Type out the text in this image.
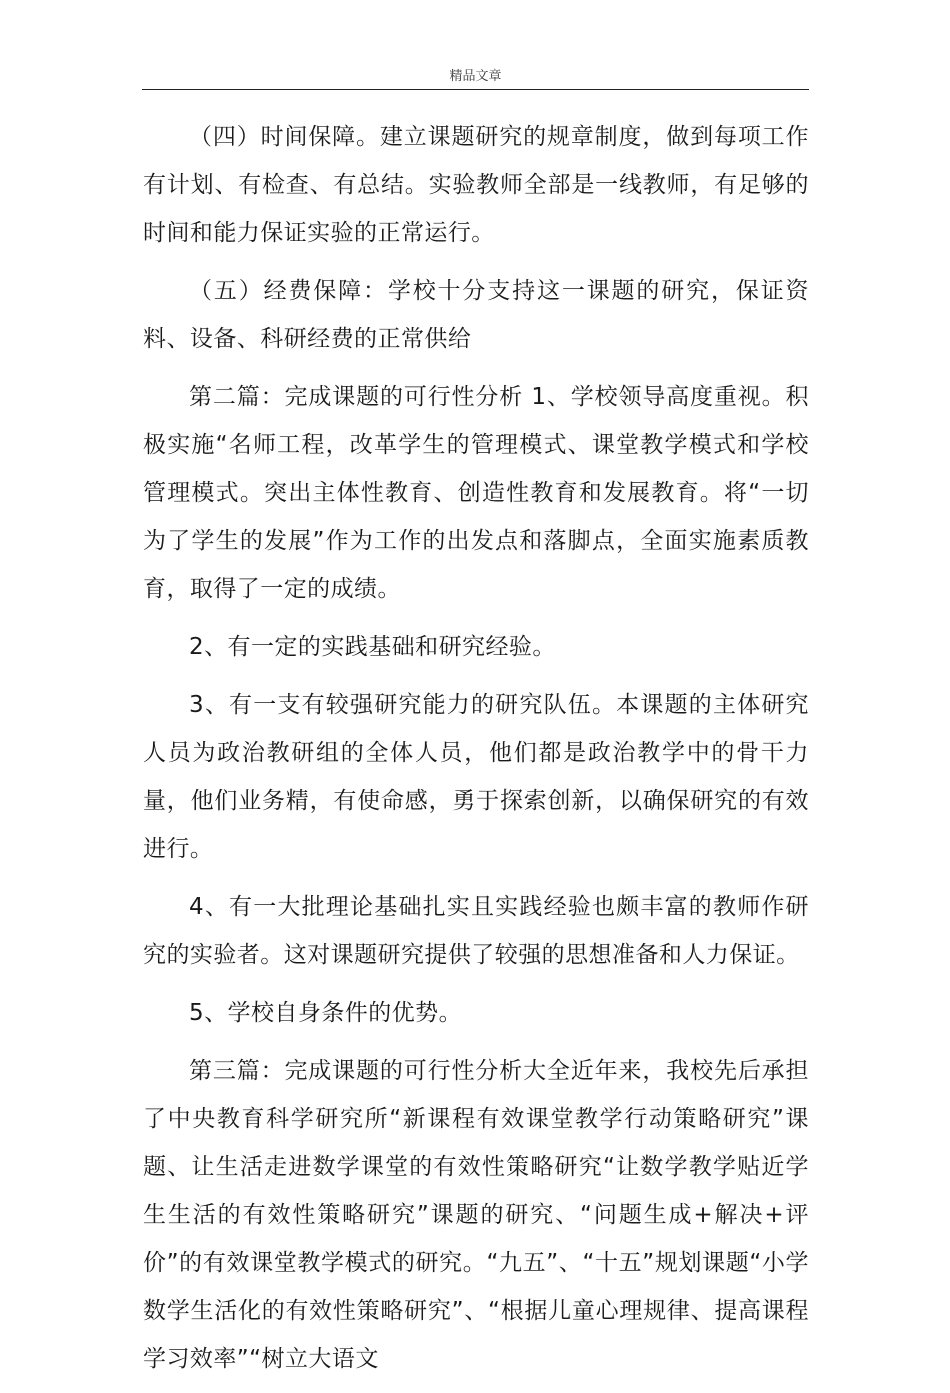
精品文章

（四）时间保障。建立课题研究的规章制度，做到每项工作有计划、有检查、有总结。实验教师全部是一线教师，有足够的时间和能力保证实验的正常运行。

（五）经费保障：学校十分支持这一课题的研究，保证资料、设备、科研经费的正常供给

第二篇：完成课题的可行性分析 1、学校领导高度重视。积极实施“名师工程，改革学生的管理模式、课堂教学模式和学校管理模式。突出主体性教育、创造性教育和发展教育。将“一切为了学生的发展”作为工作的出发点和落脚点，全面实施素质教育，取得了一定的成绩。

2、有一定的实践基础和研究经验。

3、有一支有较强研究能力的研究队伍。本课题的主体研究人员为政治教研组的全体人员，他们都是政治教学中的骨干力量，他们业务精，有使命感，勇于探索创新，以确保研究的有效进行。

4、有一大批理论基础扎实且实践经验也颇丰富的教师作研究的实验者。这对课题研究提供了较强的思想准备和人力保证。

5、学校自身条件的优势。

第三篇：完成课题的可行性分析大全近年来，我校先后承担了中央教育科学研究所“新课程有效课堂教学行动策略研究”课题、让生活走进数学课堂的有效性策略研究“让数学教学贴近学生生活的有效性策略研究”课题的研究、“问题生成+解决+评价”的有效课堂教学模式的研究。“九五”、“十五”规划课题“小学数学生活化的有效性策略研究”、“根据儿童心理规律、提高课程学习效率”“树立大语文
